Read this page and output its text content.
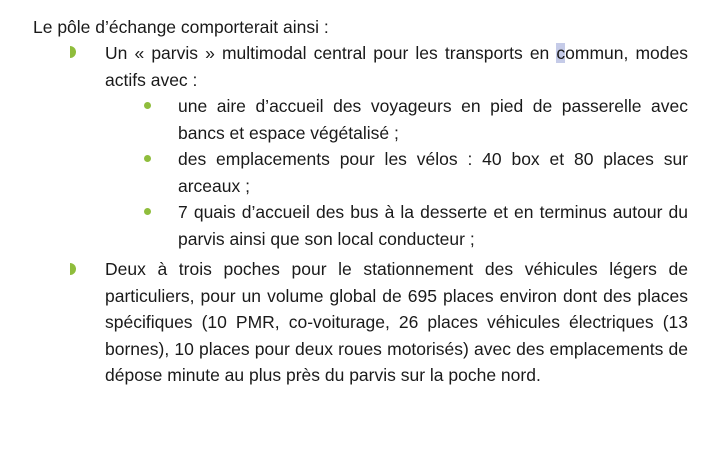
Le pôle d’échange comporterait ainsi :
Un « parvis » multimodal central pour les transports en commun, modes actifs avec :
une aire d’accueil des voyageurs en pied de passerelle avec bancs et espace végétalisé ;
des emplacements pour les vélos : 40 box et 80 places sur arceaux ;
7 quais d’accueil des bus à la desserte et en terminus autour du parvis ainsi que son local conducteur ;
Deux à trois poches pour le stationnement des véhicules légers de particuliers, pour un volume global de 695 places environ dont des places spécifiques (10 PMR, co-voiturage, 26 places véhicules électriques (13 bornes), 10 places pour deux roues motorisés) avec des emplacements de dépose minute au plus près du parvis sur la poche nord.
